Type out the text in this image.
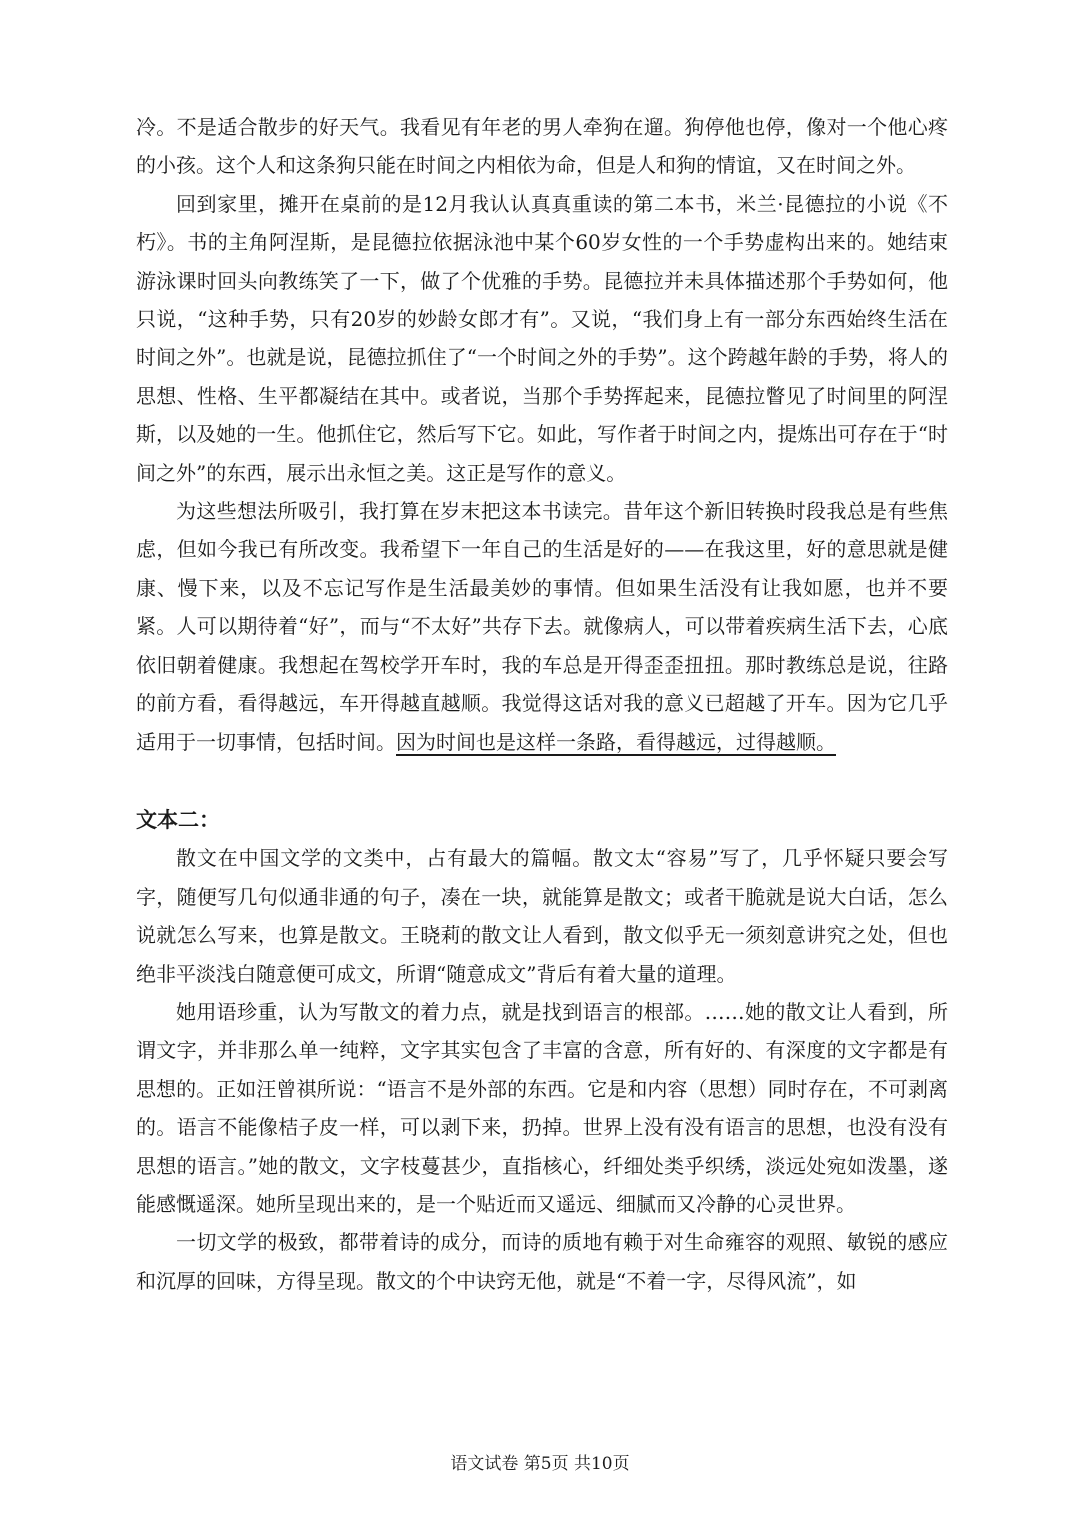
冷。不是适合散步的好天气。我看见有年老的男人牵狗在遛。狗停他也停，像对一个他心疼的小孩。这个人和这条狗只能在时间之内相依为命，但是人和狗的情谊，又在时间之外。

回到家里，摊开在桌前的是12月我认认真真重读的第二本书，米兰·昆德拉的小说《不朽》。书的主角阿涅斯，是昆德拉依据泳池中某个60岁女性的一个手势虚构出来的。她结束游泳课时回头向教练笑了一下，做了个优雅的手势。昆德拉并未具体描述那个手势如何，他只说，“这种手势，只有20岁的妙龄女郎才有”。又说，“我们身上有一部分东西始终生活在时间之外”。也就是说，昆德拉抓住了“一个时间之外的手势”。这个跨越年龄的手势，将人的思想、性格、生平都凝结在其中。或者说，当那个手势挥起来，昆德拉瞥见了时间里的阿涅斯，以及她的一生。他抓住它，然后写下它。如此，写作者于时间之内，提炼出可存在于“时间之外”的东西，展示出永恒之美。这正是写作的意义。

为这些想法所吸引，我打算在岁末把这本书读完。昔年这个新旧转换时段我总是有些焦虑，但如今我已有所改变。我希望下一年自己的生活是好的——在我这里，好的意思就是健康、慢下来，以及不忘记写作是生活最美妙的事情。但如果生活没有让我如愿，也并不要紧。人可以期待着“好”，而与“不太好”共存下去。就像病人，可以带着疾病生活下去，心底依旧朝着健康。我想起在驾校学开车时，我的车总是开得歪歪扭扭。那时教练总是说，往路的前方看，看得越远，车开得越直越顺。我觉得这话对我的意义已超越了开车。因为它几乎适用于一切事情，包括时间。因为时间也是这样一条路，看得越远，过得越顺。

文本二：

散文在中国文学的文类中，占有最大的篇幅。散文太“容易”写了，几乎怀疑只要会写字，随便写几句似通非通的句子，凑在一块，就能算是散文；或者干脆就是说大白话，怎么说就怎么写来，也算是散文。王晓莉的散文让人看到，散文似乎无一须刻意讲究之处，但也绝非平淡浅白随意便可成文，所谓“随意成文”背后有着大量的道理。

她用语珍重，认为写散文的着力点，就是找到语言的根部。……她的散文让人看到，所谓文字，并非那么单一纯粹，文字其实包含了丰富的含意，所有好的、有深度的文字都是有思想的。正如汪曾祺所说：“语言不是外部的东西。它是和内容（思想）同时存在，不可剥离的。语言不能像桔子皮一样，可以剥下来，扔掉。世界上没有没有语言的思想，也没有没有思想的语言。”她的散文，文字枝蔓甚少，直指核心，纤细处类乎织绣，淡远处宛如泼墨，遂能感慨遥深。她所呈现出来的，是一个贴近而又遥远、细腻而又冷静的心灵世界。

一切文学的极致，都带着诗的成分，而诗的质地有赖于对生命雍容的观照、敏锐的感应和沉厚的回味，方得呈现。散文的个中诀窍无他，就是“不着一字，尽得风流”，如

语文试卷 第5页 共10页
